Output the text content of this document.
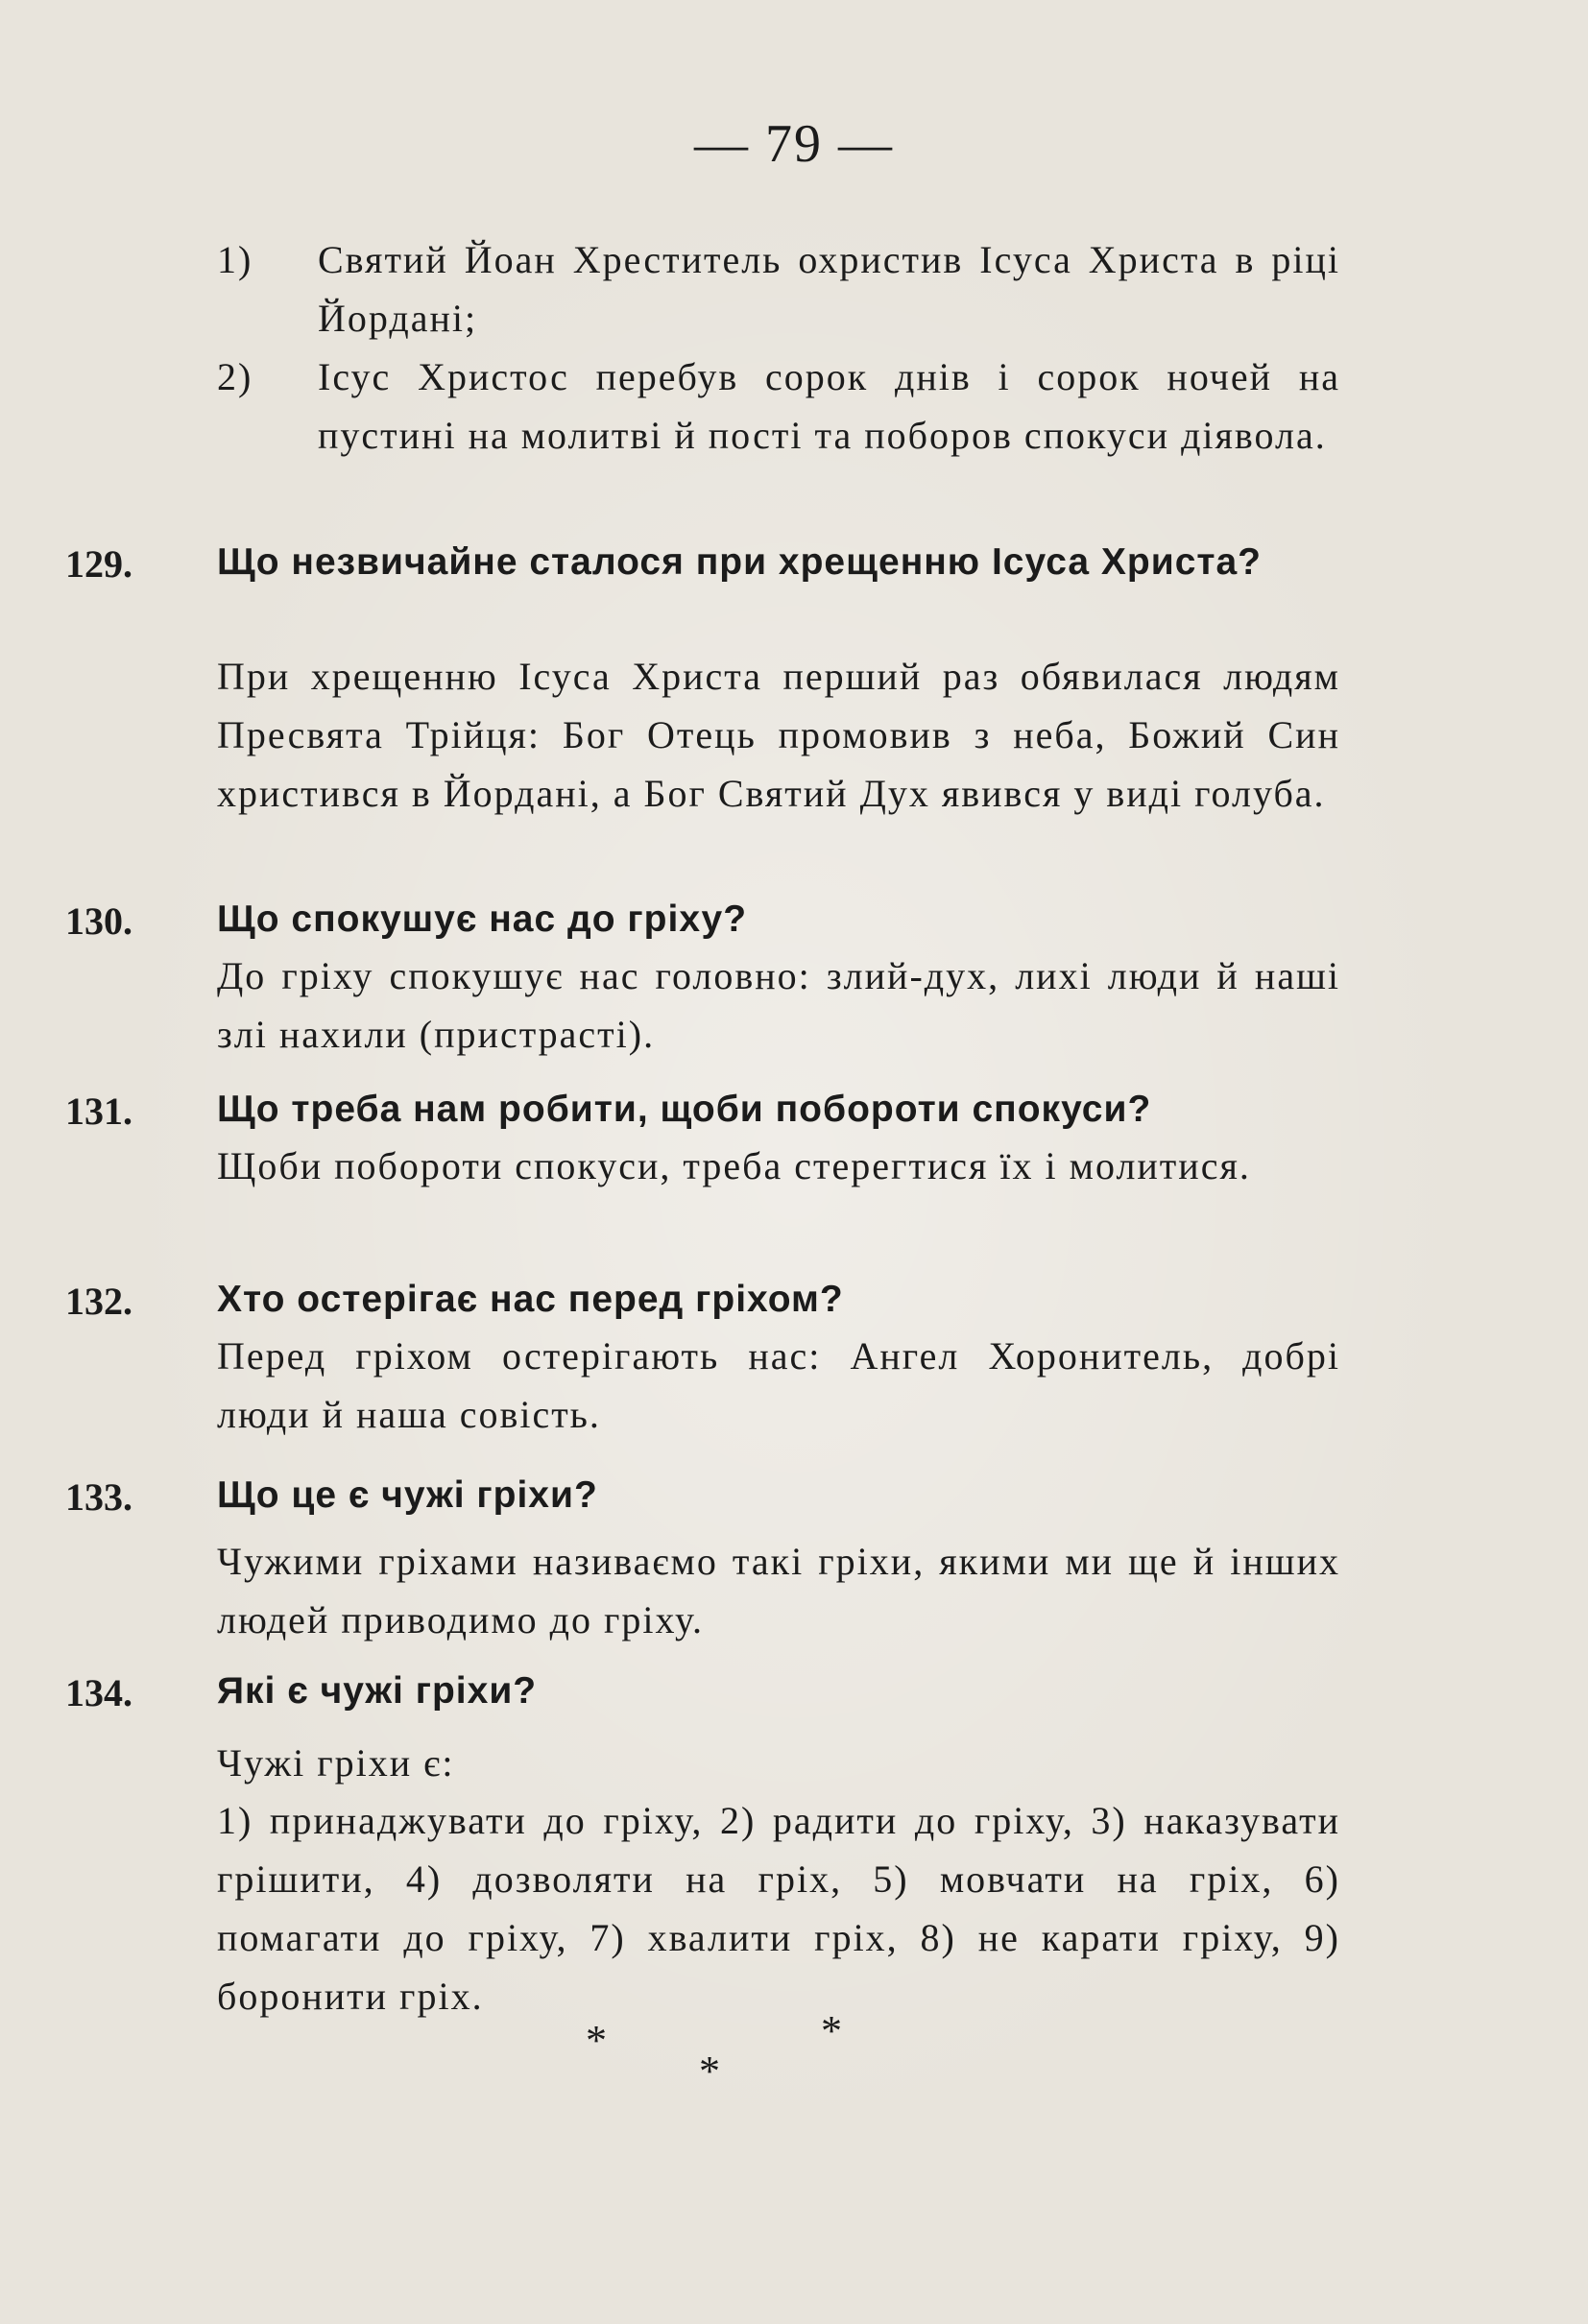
— 79 —
1) Святий Йоан Хреститель охристив Ісуса Христа в ріці Йордані;
2) Ісус Христос перебув сорок днів і сорок ночей на пустині на молитві й пості та поборов спокуси діявола.
129.	Що незвичайне сталося при хрещенню Ісуса Христа?
При хрещенню Ісуса Христа перший раз обявилася людям Пресвята Трійця: Бог Отець промовив з неба, Божий Син христився в Йордані, а Бог Святий Дух явився у виді голуба.
130.	Що спокушує нас до гріху?
До гріху спокушує нас головно: злий-дух, лихі люди й наші злі нахили (пристрасті).
131.	Що треба нам робити, щоби побороти спокуси?
Щоби побороти спокуси, треба стерегтися їх і молитися.
132.	Хто остерігає нас перед гріхом?
Перед гріхом остерігають нас: Ангел Хоронитель, добрі люди й наша совість.
133.	Що це є чужі гріхи?
Чужими гріхами називаємо такі гріхи, якими ми ще й інших людей приводимо до гріху.
134.	Які є чужі гріхи?
Чужі гріхи є:
1) принаджувати до гріху, 2) радити до гріху, 3) наказувати грішити, 4) дозволяти на гріх, 5) мовчати на гріх, 6) помагати до гріху, 7) хвалити гріх, 8) не карати гріху, 9) боронити гріх.
*
*
*
